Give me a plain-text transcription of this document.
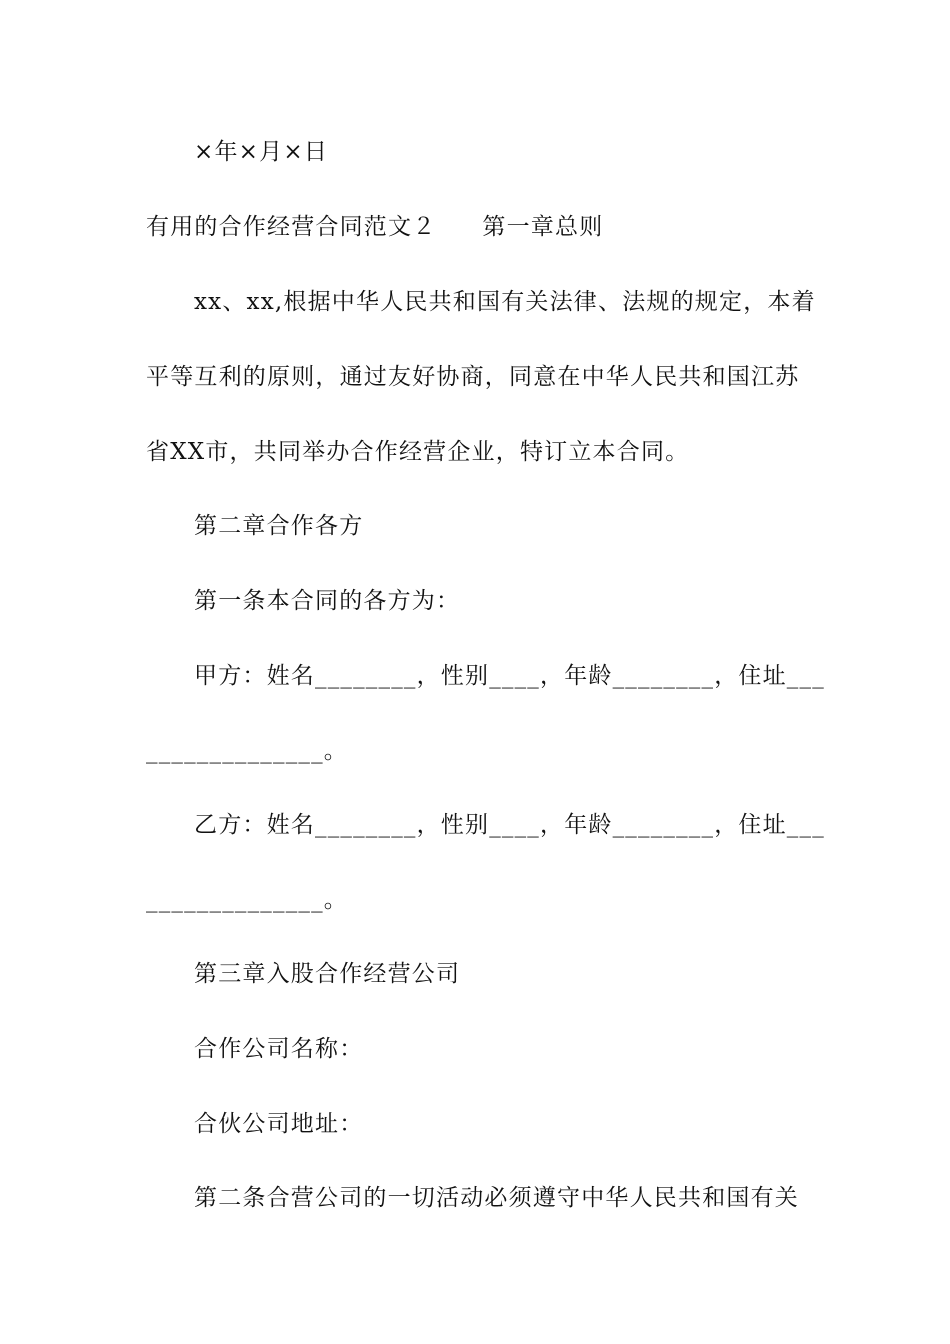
×年×月×日
有用的合作经营合同范文２ 第一章总则
xx、xx,根据中华人民共和国有关法律、法规的规定，本着
平等互利的原则，通过友好协商，同意在中华人民共和国江苏
省XX市，共同举办合作经营企业，特订立本合同。
第二章合作各方
第一条本合同的各方为：
甲方：姓名________，性别____，年龄________，住址___
______________。
乙方：姓名________，性别____，年龄________，住址___
______________。
第三章入股合作经营公司
合作公司名称：
合伙公司地址：
第二条合营公司的一切活动必须遵守中华人民共和国有关
